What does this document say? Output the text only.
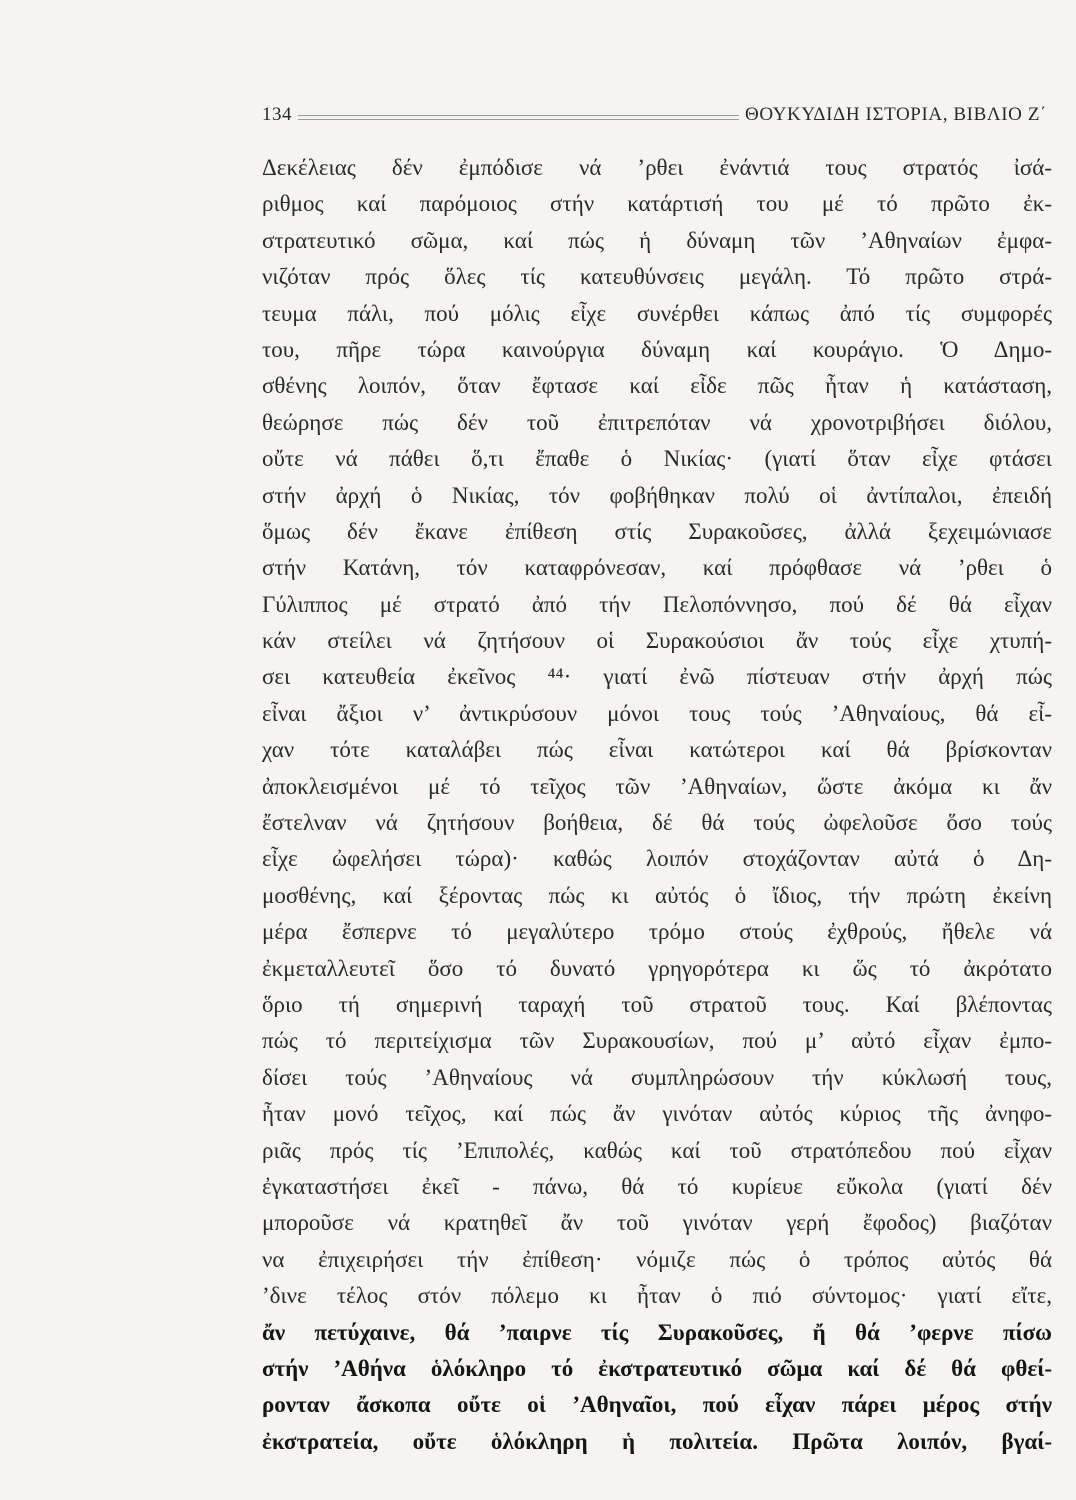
134	ΘΟΥΚΥΔΙΔΗ ΙΣΤΟΡΙΑ, ΒΙΒΛΙΟ Ζ΄
Δεκέλειας δέν ἐμπόδισε νά ’ρθει ἐνάντιά τους στρατός ἰσά-
ριθμος καί παρόμοιος στήν κατάρτισή του μέ τό πρῶτο ἐκ-
στρατευτικό σῶμα, καί πώς ἡ δύναμη τῶν ’Αθηναίων ἐμφα-
νιζόταν πρός ὅλες τίς κατευθύνσεις μεγάλη. Τό πρῶτο στρά-
τευμα πάλι, πού μόλις εἶχε συνέρθει κάπως ἀπό τίς συμφορές
του, πῆρε τώρα καινούργια δύναμη καί κουράγιο. Ὁ Δημο-
σθένης λοιπόν, ὅταν ἔφτασε καί εἶδε πῶς ἦταν ἡ κατάσταση,
θεώρησε πώς δέν τοῦ ἐπιτρεπόταν νά χρονοτριβήσει διόλου,
οὔτε νά πάθει ὅ,τι ἔπαθε ὁ Νικίας· (γιατί ὅταν εἶχε φτάσει
στήν ἀρχή ὁ Νικίας, τόν φοβήθηκαν πολύ οἱ ἀντίπαλοι, ἐπειδή
ὅμως δέν ἔκανε ἐπίθεση στίς Συρακοῦσες, ἀλλά ξεχειμώνιασε
στήν Κατάνη, τόν καταφρόνεσαν, καί πρόφθασε νά ’ρθει ὁ
Γύλιππος μέ στρατό ἀπό τήν Πελοπόννησο, πού δέ θά εἶχαν
κάν στείλει νά ζητήσουν οἱ Συρακούσιοι ἄν τούς εἶχε χτυπή-
σει κατευθεία ἐκεῖνος ⁴⁴· γιατί ἐνῶ πίστευαν στήν ἀρχή πώς
εἶναι ἄξιοι ν’ ἀντικρύσουν μόνοι τους τούς ’Αθηναίους, θά εἶ-
χαν τότε καταλάβει πώς εἶναι κατώτεροι καί θά βρίσκονταν
ἀποκλεισμένοι μέ τό τεῖχος τῶν ’Αθηναίων, ὥστε ἀκόμα κι ἄν
ἔστελναν νά ζητήσουν βοήθεια, δέ θά τούς ὠφελοῦσε ὅσο τούς
εἶχε ὠφελήσει τώρα)· καθώς λοιπόν στοχάζονταν αὐτά ὁ Δη-
μοσθένης, καί ξέροντας πώς κι αὐτός ὁ ἴδιος, τήν πρώτη ἐκείνη
μέρα ἔσπερνε τό μεγαλύτερο τρόμο στούς ἐχθρούς, ἤθελε νά
ἐκμεταλλευτεῖ ὅσο τό δυνατό γρηγορότερα κι ὥς τό ἀκρότατο
ὅριο τή σημερινή ταραχή τοῦ στρατοῦ τους. Καί βλέποντας
πώς τό περιτείχισμα τῶν Συρακουσίων, πού μ’ αὐτό εἶχαν ἐμπο-
δίσει τούς ’Αθηναίους νά συμπληρώσουν τήν κύκλωσή τους,
ἦταν μονό τεῖχος, καί πώς ἄν γινόταν αὐτός κύριος τῆς ἀνηφο-
ριᾶς πρός τίς ’Επιπολές, καθώς καί τοῦ στρατόπεδου πού εἶχαν
ἐγκαταστήσει ἐκεῖ - πάνω, θά τό κυρίευε εὔκολα (γιατί δέν
μποροῦσε νά κρατηθεῖ ἄν τοῦ γινόταν γερή ἔφοδος) βιαζόταν
να ἐπιχειρήσει τήν ἐπίθεση· νόμιζε πώς ὁ τρόπος αὐτός θά
’δινε τέλος στόν πόλεμο κι ἦταν ὁ πιό σύντομος· γιατί εἴτε,
ἄν πετύχαινε, θά ’παιρνε τίς Συρακοῦσες, ἤ θά ’φερνε πίσω
στήν ’Αθήνα ὁλόκληρο τό ἐκστρατευτικό σῶμα καί δέ θά φθεί-
ρονταν ἄσκοπα οὔτε οἱ ’Αθηναῖοι, πού εἶχαν πάρει μέρος στήν
ἐκστρατεία, οὔτε ὁλόκληρη ἡ πολιτεία. Πρῶτα λοιπόν, βγαί-
